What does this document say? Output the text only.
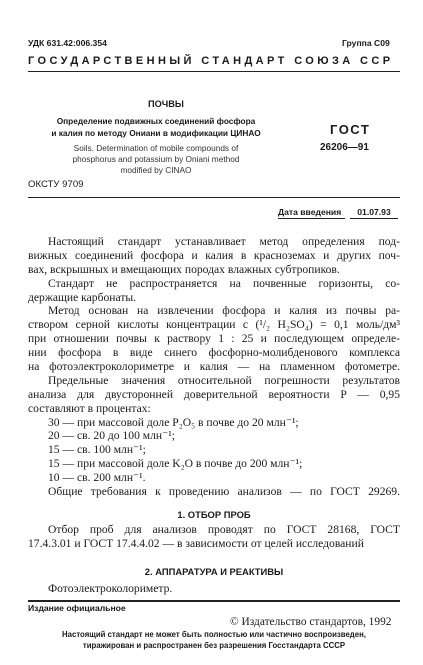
УДК 631.42:006.354	Группа С09
ГОСУДАРСТВЕННЫЙ СТАНДАРТ СОЮЗА ССР
ПОЧВЫ
Определение подвижных соединений фосфора
и калия по методу Ониани в модификации ЦИНАО
Soils. Determination of mobile compounds of
phosphorus and potassium by Oniani method
modified by CINAO
ГОСТ
26206—91
ОКСТУ 9709
Дата введения	01.07.93
Настоящий стандарт устанавливает метод определения под-
вижных соединений фосфора и калия в красноземах и других поч-
вах, вскрышных и вмещающих породах влажных субтропиков.
Стандарт не распространяется на почвенные горизонты, со-
держащие карбонаты.
Метод основан на извлечении фосфора и калия из почвы ра-
створом серной кислоты концентрации с (¹/₂ H₂SO₄) = 0,1 моль/дм³
при отношении почвы к раствору 1 : 25 и последующем определе-
нии фосфора в виде синего фосфорно-молибденового комплекса
на фотоэлектроколориметре и калия — на пламенном фотометре.
Предельные значения относительной погрешности результатов
анализа для двусторонней доверительной вероятности P — 0,95
составляют в процентах:
30 — при массовой доле P₂O₅ в почве до 20 млн⁻¹;
20 — св. 20 до 100 млн⁻¹;
15 — св. 100 млн⁻¹;
15 — при массовой доле K₂O в почве до 200 млн⁻¹;
10 — св. 200 млн⁻¹.
Общие требования к проведению анализов — по ГОСТ 29269.
1. ОТБОР ПРОБ
Отбор проб для анализов проводят по ГОСТ 28168, ГОСТ
17.4.3.01 и ГОСТ 17.4.4.02 — в зависимости от целей исследований
2. АППАРАТУРА И РЕАКТИВЫ
Фотоэлектроколориметр.
Издание официальное
© Издательство стандартов, 1992
Настоящий стандарт не может быть полностью или частично воспроизведен,
тиражирован и распространен без разрешения Госстандарта СССР
